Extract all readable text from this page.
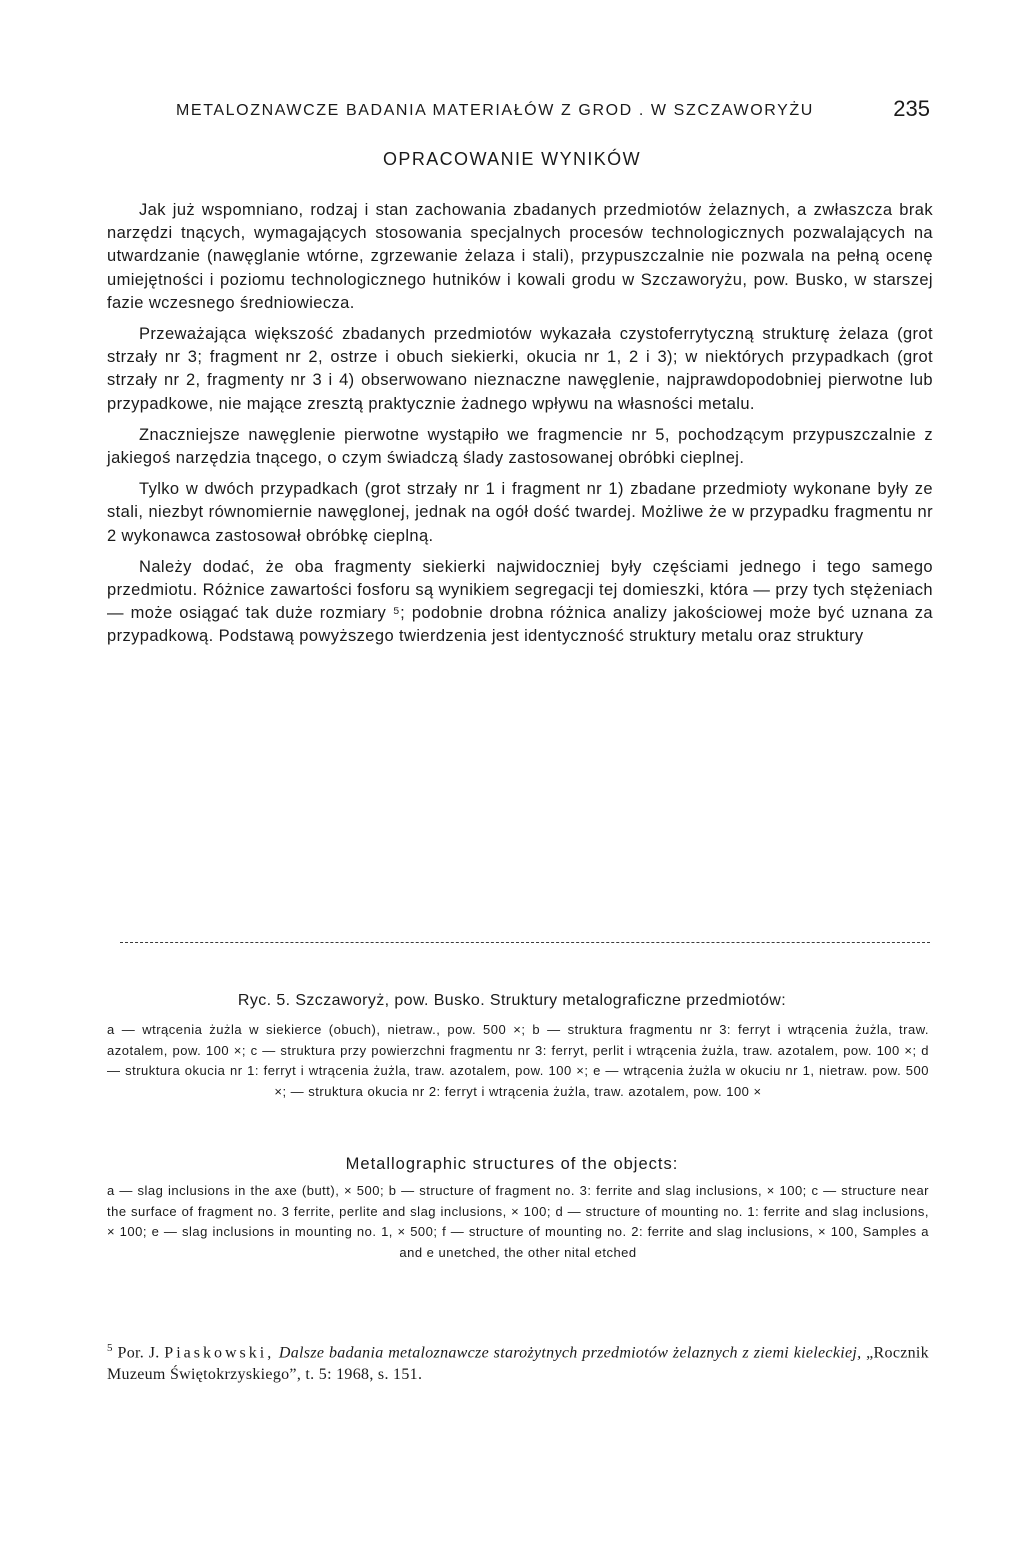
METALOZNAWCZE BADANIA MATERIAŁÓW Z GROD . W SZCZAWORYŻU	235
OPRACOWANIE WYNIKÓW

Jak już wspomniano, rodzaj i stan zachowania zbadanych przedmiotów żelaznych, a zwłaszcza brak narzędzi tnących, wymagających stosowania specjalnych procesów technologicznych pozwalających na utwardzanie (nawęglanie wtórne, zgrzewanie żelaza i stali), przypuszczalnie nie pozwala na pełną ocenę umiejętności i poziomu technologicznego hutników i kowali grodu w Szczaworyżu, pow. Busko, w starszej fazie wczesnego średniowiecza.

Przeważająca większość zbadanych przedmiotów wykazała czystoferrytyczną strukturę żelaza (grot strzały nr 3; fragment nr 2, ostrze i obuch siekierki, okucia nr 1, 2 i 3); w niektórych przypadkach (grot strzały nr 2, fragmenty nr 3 i 4) obserwowano nieznaczne nawęglenie, najprawdopodobniej pierwotne lub przypadkowe, nie mające zresztą praktycznie żadnego wpływu na własności metalu.

Znaczniejsze nawęglenie pierwotne wystąpiło we fragmencie nr 5, pochodzącym przypuszczalnie z jakiegoś narzędzia tnącego, o czym świadczą ślady zastosowanej obróbki cieplnej.

Tylko w dwóch przypadkach (grot strzały nr 1 i fragment nr 1) zbadane przedmioty wykonane były ze stali, niezbyt równomiernie nawęglonej, jednak na ogół dość twardej. Możliwe że w przypadku fragmentu nr 2 wykonawca zastosował obróbkę cieplną.

Należy dodać, że oba fragmenty siekierki najwidoczniej były częściami jednego i tego samego przedmiotu. Różnice zawartości fosforu są wynikiem segregacji tej domieszki, która — przy tych stężeniach — może osiągać tak duże rozmiary ⁵; podobnie drobna różnica analizy jakościowej może być uznana za przypadkową. Podstawą powyższego twierdzenia jest identyczność struktury metalu oraz struktury

Ryc. 5. Szczaworyż, pow. Busko. Struktury metalograficzne przedmiotów:
a — wtrącenia żużla w siekierce (obuch), nietraw., pow. 500 ×; b — struktura fragmentu nr 3: ferryt i wtrącenia żużla, traw. azotalem, pow. 100 ×; c — struktura przy powierzchni fragmentu nr 3: ferryt, perlit i wtrącenia żużla, traw. azotalem, pow. 100 ×; d — struktura okucia nr 1: ferryt i wtrącenia żużla, traw. azotalem, pow. 100 ×; e — wtrącenia żużla w okuciu nr 1, nietraw. pow. 500 ×; — struktura okucia nr 2: ferryt i wtrącenia żużla, traw. azotalem, pow. 100 ×
Metallographic structures of the objects:
a — slag inclusions in the axe (butt), × 500; b — structure of fragment no. 3: ferrite and slag inclusions, × 100; c — structure near the surface of fragment no. 3 ferrite, perlite and slag inclusions, × 100; d — structure of mounting no. 1: ferrite and slag inclusions, × 100; e — slag inclusions in mounting no. 1, × 500; f — structure of mounting no. 2: ferrite and slag inclusions, × 100, Samples a and e unetched, the other nital etched
$^5$ Por. J. Piaskowski, Dalsze badania metaloznawcze starożytnych przedmiotów żelaznych z ziemi kieleckiej, „Rocznik Muzeum Świętokrzyskiego”, t. 5: 1968, s. 151.
